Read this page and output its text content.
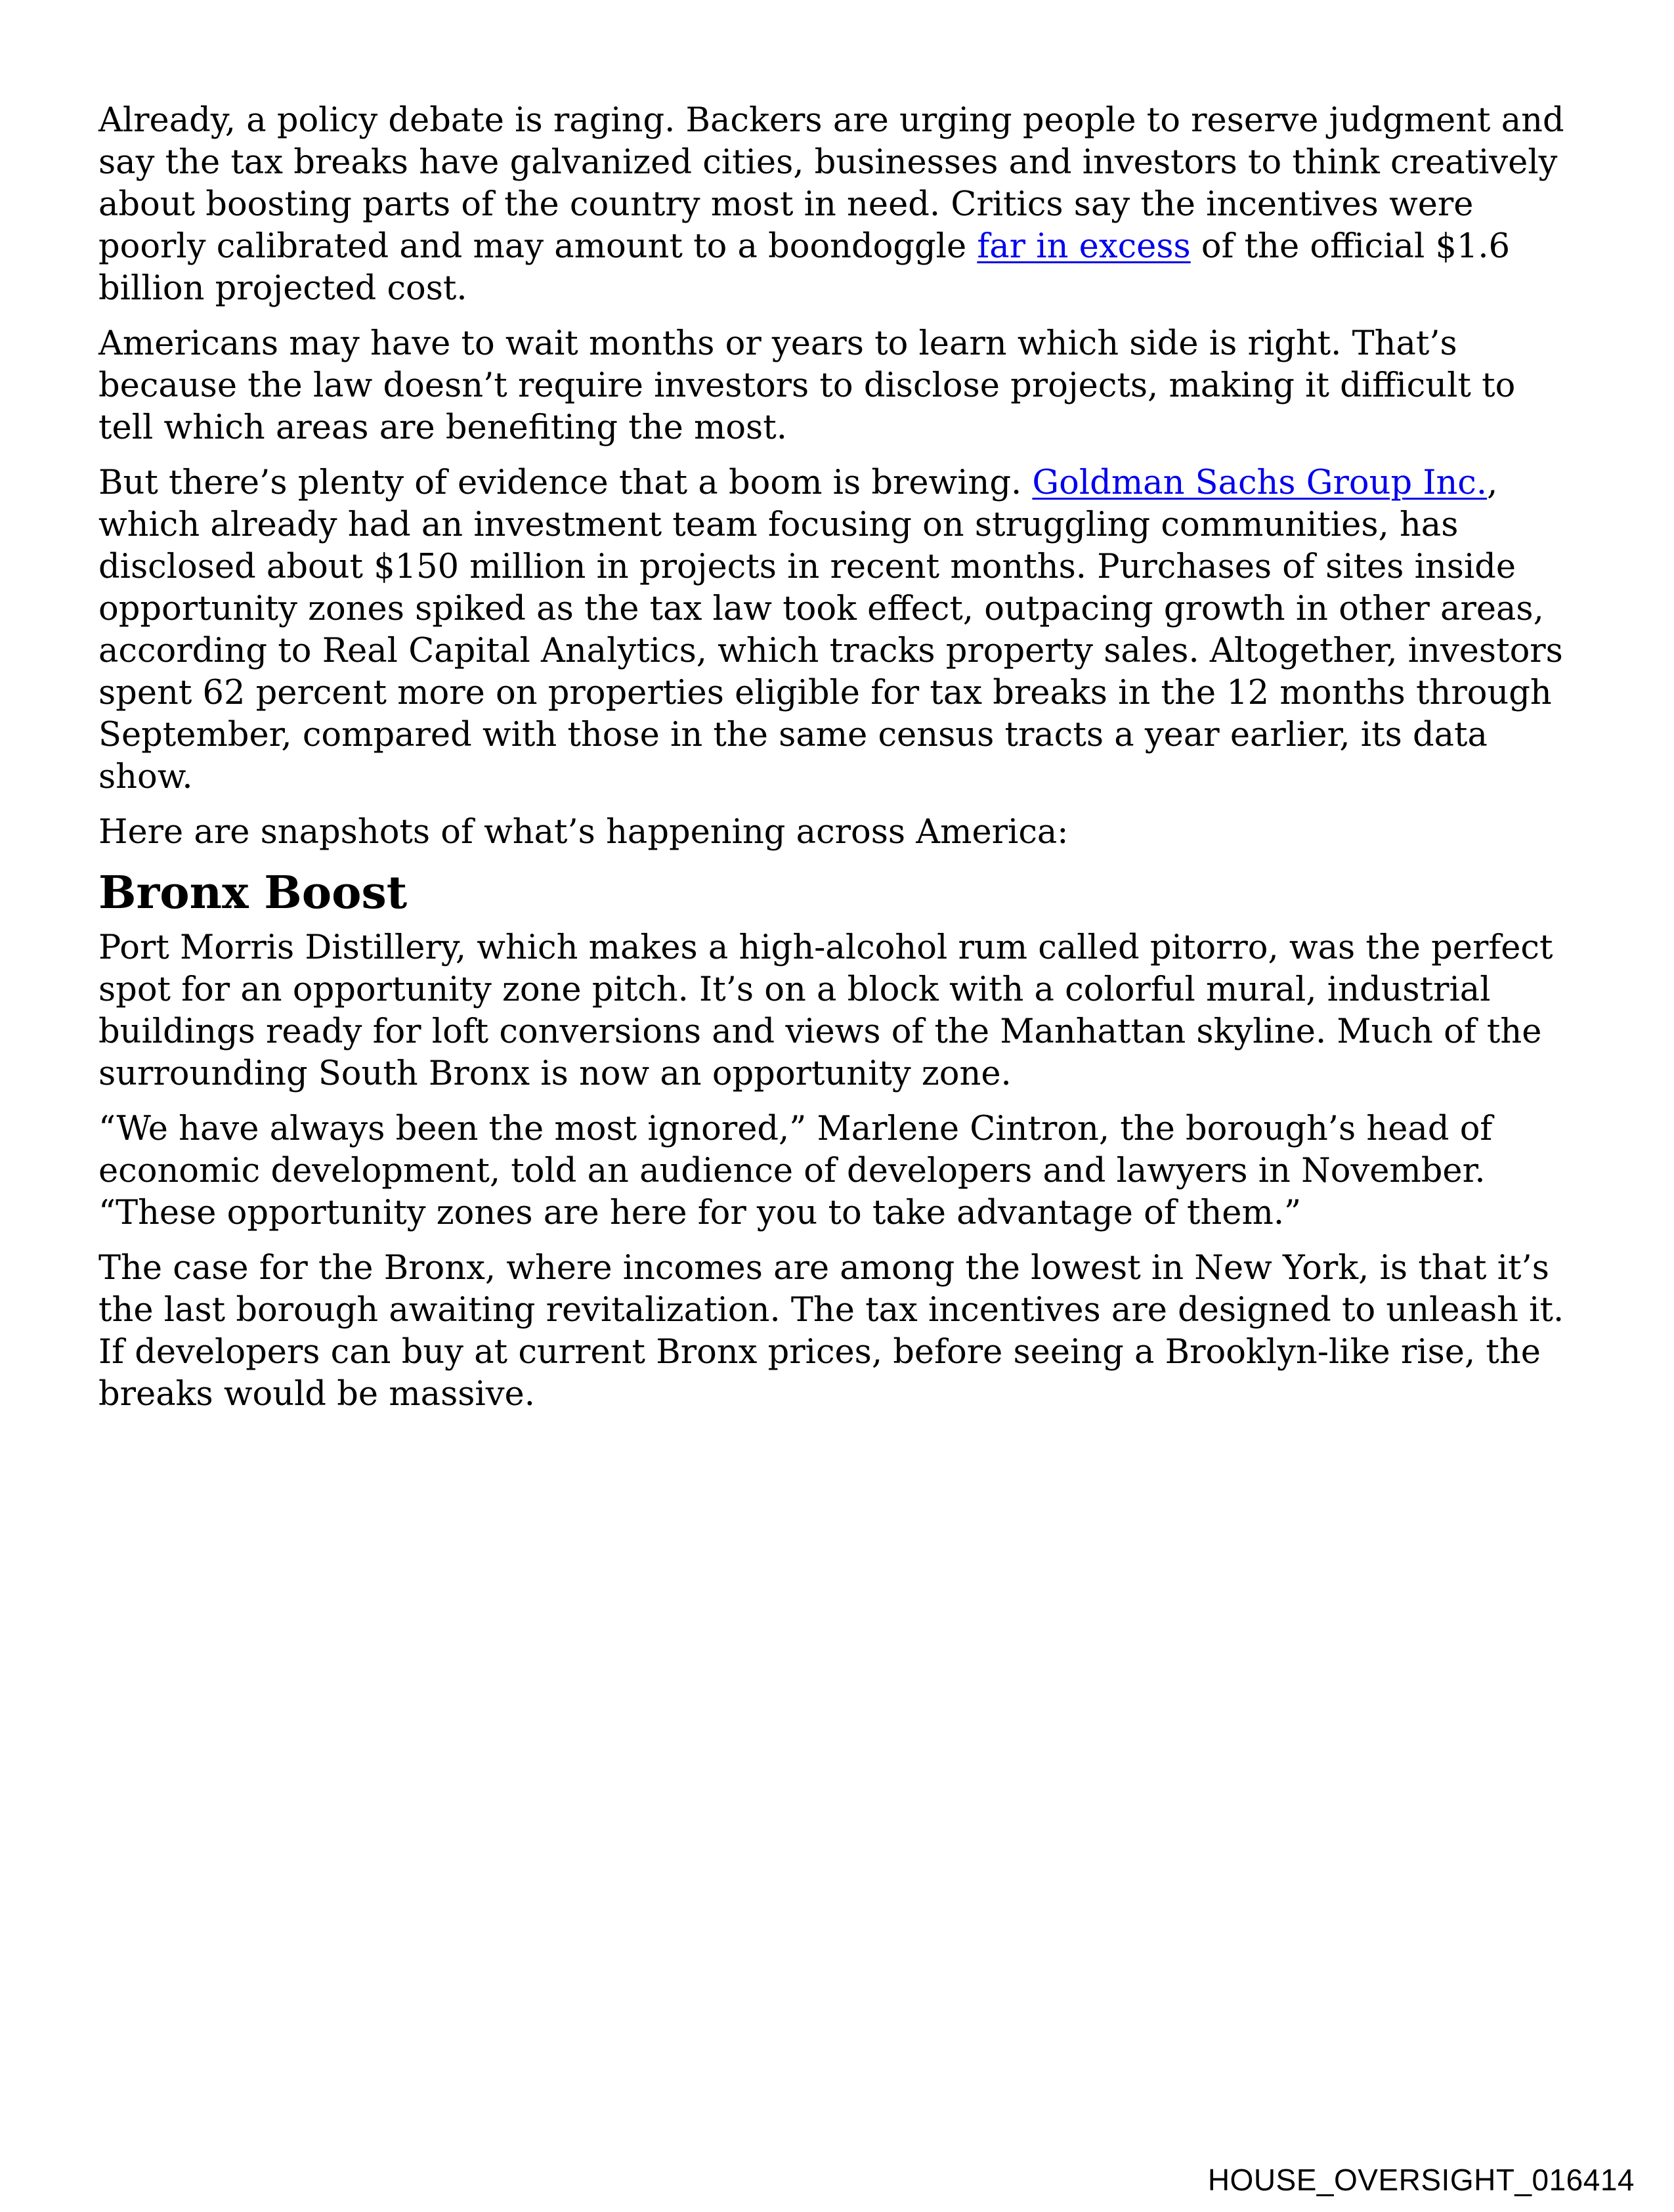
Already, a policy debate is raging. Backers are urging people to reserve judgment and say the tax breaks have galvanized cities, businesses and investors to think creatively about boosting parts of the country most in need. Critics say the incentives were poorly calibrated and may amount to a boondoggle far in excess of the official $1.6 billion projected cost.

Americans may have to wait months or years to learn which side is right. That’s because the law doesn’t require investors to disclose projects, making it difficult to tell which areas are benefiting the most.

But there’s plenty of evidence that a boom is brewing. Goldman Sachs Group Inc., which already had an investment team focusing on struggling communities, has disclosed about $150 million in projects in recent months. Purchases of sites inside opportunity zones spiked as the tax law took effect, outpacing growth in other areas, according to Real Capital Analytics, which tracks property sales. Altogether, investors spent 62 percent more on properties eligible for tax breaks in the 12 months through September, compared with those in the same census tracts a year earlier, its data show.

Here are snapshots of what’s happening across America:

Bronx Boost

Port Morris Distillery, which makes a high-alcohol rum called pitorro, was the perfect spot for an opportunity zone pitch. It’s on a block with a colorful mural, industrial buildings ready for loft conversions and views of the Manhattan skyline. Much of the surrounding South Bronx is now an opportunity zone.

“We have always been the most ignored,” Marlene Cintron, the borough’s head of economic development, told an audience of developers and lawyers in November. “These opportunity zones are here for you to take advantage of them.”

The case for the Bronx, where incomes are among the lowest in New York, is that it’s the last borough awaiting revitalization. The tax incentives are designed to unleash it. If developers can buy at current Bronx prices, before seeing a Brooklyn-like rise, the breaks would be massive.

HOUSE_OVERSIGHT_016414
